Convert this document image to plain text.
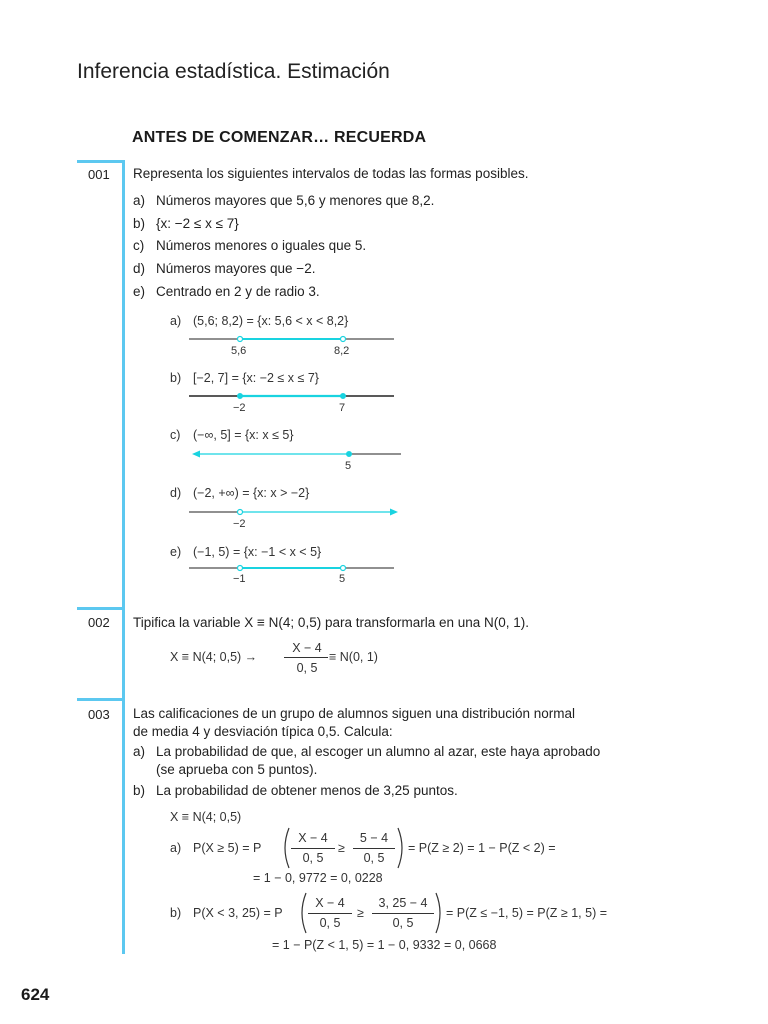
Inferencia estadística. Estimación
ANTES DE COMENZAR… RECUERDA
001 Representa los siguientes intervalos de todas las formas posibles.
a) Números mayores que 5,6 y menores que 8,2.
b) {x: −2 ≤ x ≤ 7}
c) Números menores o iguales que 5.
d) Números mayores que −2.
e) Centrado en 2 y de radio 3.
a) (5,6; 8,2) = {x: 5,6 < x < 8,2}
5,6	8,2
b) [−2, 7] = {x: −2 ≤ x ≤ 7}
−2	7
c) (−∞, 5] = {x: x ≤ 5}
5
d) (−2, +∞) = {x: x > −2}
−2
e) (−1, 5) = {x: −1 < x < 5}
−1	5
002 Tipifica la variable X ≡ N(4; 0,5) para transformarla en una N(0, 1).
X ≡ N(4; 0,5) →
X − 4
0, 5
≡ N(0, 1)
003 Las calificaciones de un grupo de alumnos siguen una distribución normal
de media 4 y desviación típica 0,5. Calcula:
a) La probabilidad de que, al escoger un alumno al azar, este haya aprobado
(se aprueba con 5 puntos).
b) La probabilidad de obtener menos de 3,25 puntos.
X ≡ N(4; 0,5)
a) P(X ≥ 5) = P
X − 4
0, 5
≥
5 − 4
0, 5
= P(Z ≥ 2) = 1 − P(Z < 2) =
= 1 − 0, 9772 = 0, 0228
b) P(X < 3, 25) = P
X − 4
0, 5
≥
3, 25 − 4
0, 5
= P(Z ≤ −1, 5) = P(Z ≥ 1, 5) =
= 1 − P(Z < 1, 5) = 1 − 0, 9332 = 0, 0668
624
